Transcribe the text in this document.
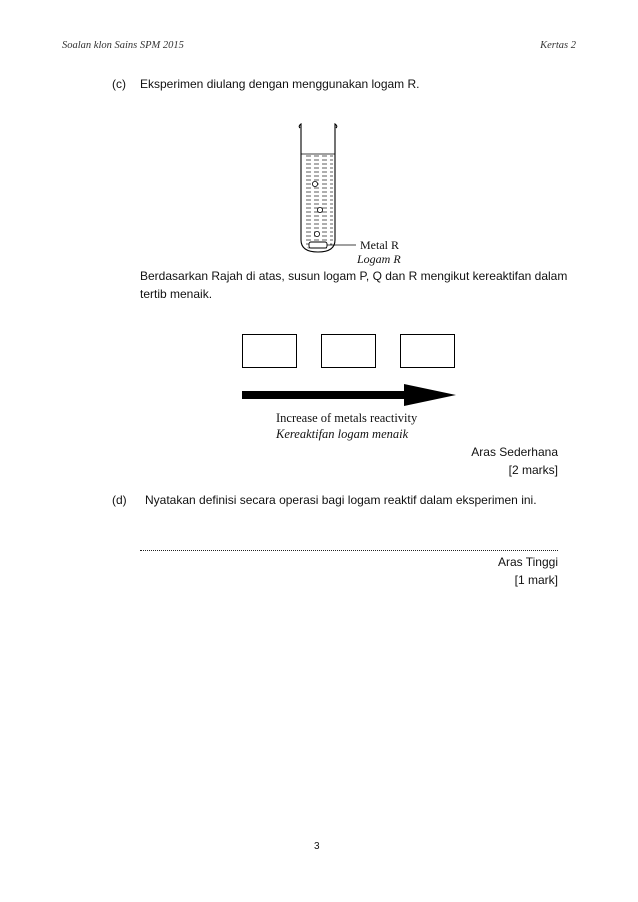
Soalan klon Sains SPM 2015	Kertas 2
(c) Eksperimen diulang dengan menggunakan logam R.
Metal R
Logam R
Berdasarkan Rajah di atas, susun logam P, Q dan R mengikut kereaktifan dalam
tertib menaik.
Increase of metals reactivity
Kereaktifan logam menaik
Aras Sederhana
[2 marks]
(d) Nyatakan definisi secara operasi bagi logam reaktif dalam eksperimen ini.
Aras Tinggi
[1 mark]
3
